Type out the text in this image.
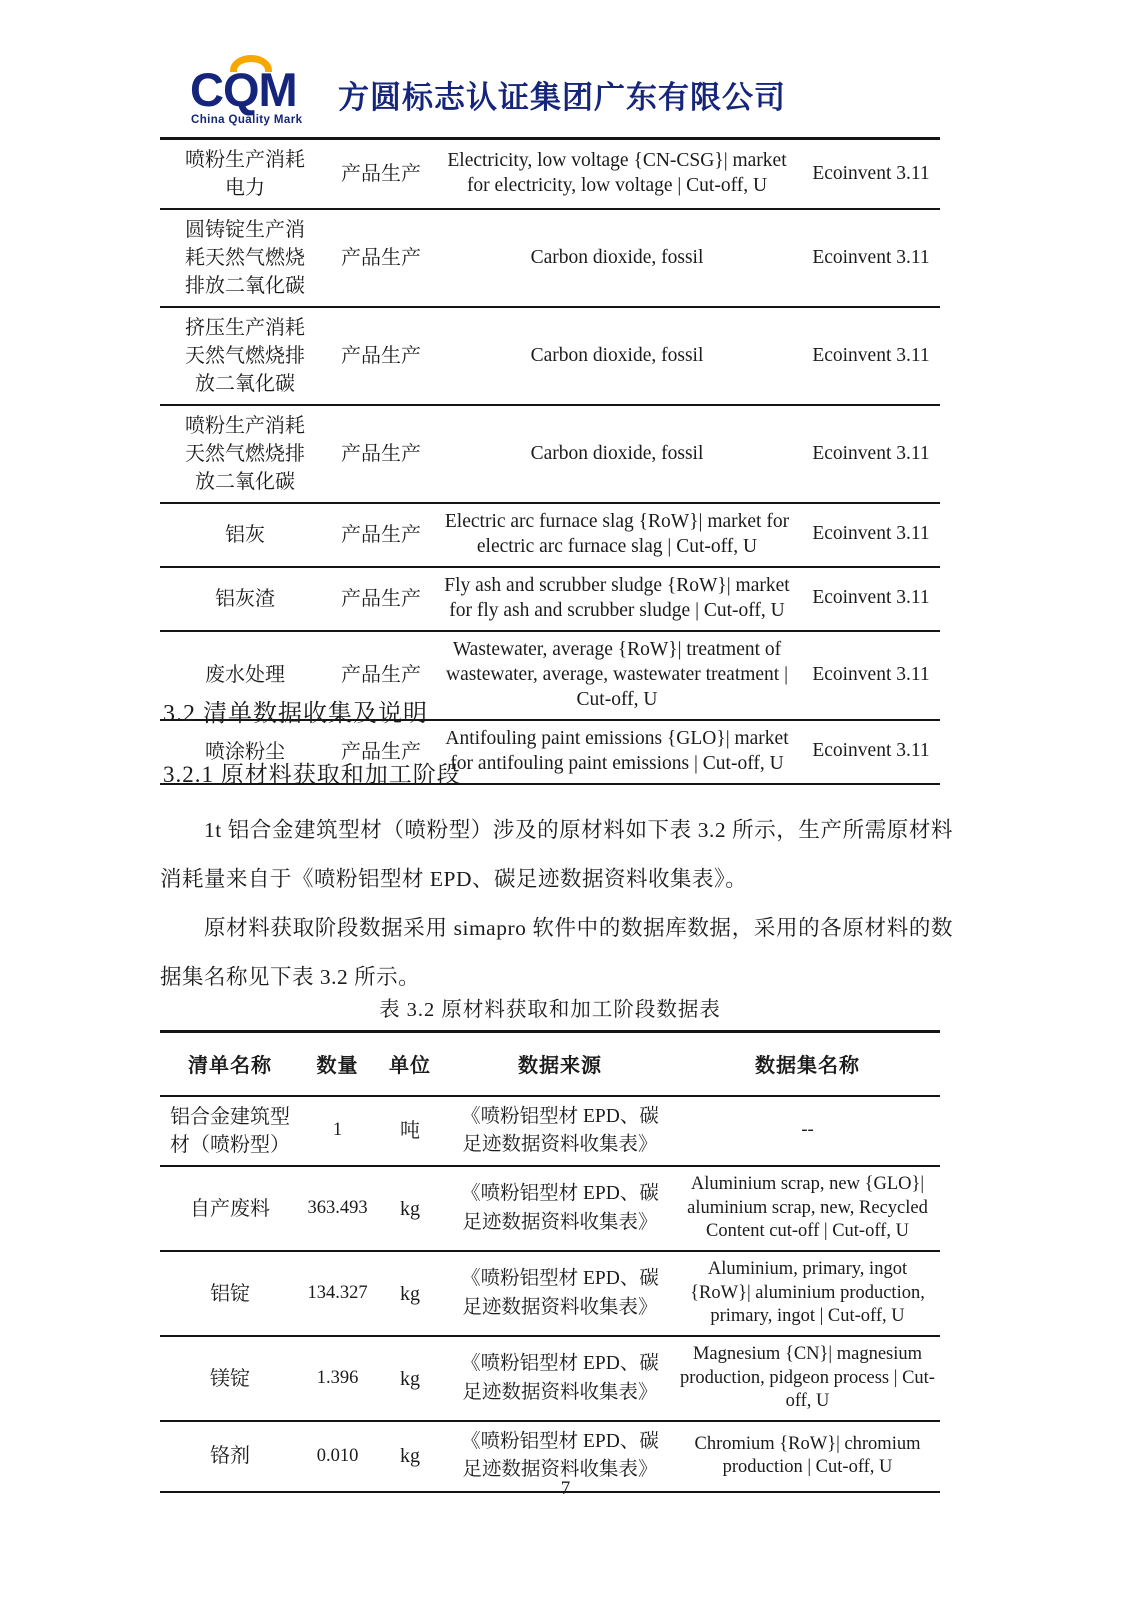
CQM
China Quality Mark
方圆标志认证集团广东有限公司
喷粉生产消耗电力	产品生产	Electricity, low voltage {CN-CSG}| market for electricity, low voltage | Cut-off, U	Ecoinvent 3.11
圆铸锭生产消耗天然气燃烧排放二氧化碳	产品生产	Carbon dioxide, fossil	Ecoinvent 3.11
挤压生产消耗天然气燃烧排放二氧化碳	产品生产	Carbon dioxide, fossil	Ecoinvent 3.11
喷粉生产消耗天然气燃烧排放二氧化碳	产品生产	Carbon dioxide, fossil	Ecoinvent 3.11
铝灰	产品生产	Electric arc furnace slag {RoW}| market for electric arc furnace slag | Cut-off, U	Ecoinvent 3.11
铝灰渣	产品生产	Fly ash and scrubber sludge {RoW}| market for fly ash and scrubber sludge | Cut-off, U	Ecoinvent 3.11
废水处理	产品生产	Wastewater, average {RoW}| treatment of wastewater, average, wastewater treatment | Cut-off, U	Ecoinvent 3.11
喷涂粉尘	产品生产	Antifouling paint emissions {GLO}| market for antifouling paint emissions | Cut-off, U	Ecoinvent 3.11
3.2 清单数据收集及说明
3.2.1 原材料获取和加工阶段

1t 铝合金建筑型材（喷粉型）涉及的原材料如下表 3.2 所示，生产所需原材料消耗量来自于《喷粉铝型材 EPD、碳足迹数据资料收集表》。

原材料获取阶段数据采用 simapro 软件中的数据库数据，采用的各原材料的数据集名称见下表 3.2 所示。

表 3.2 原材料获取和加工阶段数据表
清单名称	数量	单位	数据来源	数据集名称
铝合金建筑型材（喷粉型）	1	吨	《喷粉铝型材 EPD、碳足迹数据资料收集表》	--
自产废料	363.493	kg	《喷粉铝型材 EPD、碳足迹数据资料收集表》	Aluminium scrap, new {GLO}| aluminium scrap, new, Recycled Content cut-off | Cut-off, U
铝锭	134.327	kg	《喷粉铝型材 EPD、碳足迹数据资料收集表》	Aluminium, primary, ingot {RoW}| aluminium production, primary, ingot | Cut-off, U
镁锭	1.396	kg	《喷粉铝型材 EPD、碳足迹数据资料收集表》	Magnesium {CN}| magnesium production, pidgeon process | Cut-off, U
铬剂	0.010	kg	《喷粉铝型材 EPD、碳足迹数据资料收集表》	Chromium {RoW}| chromium production | Cut-off, U
7
